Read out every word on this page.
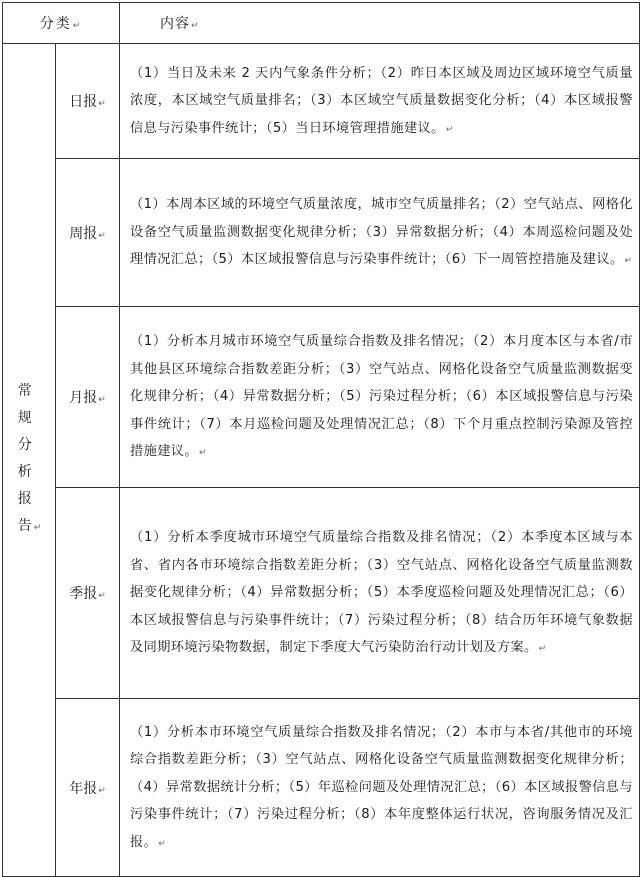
分类↵		内容↵
常规分析报告 ↵	日报↵	（1）当日及未来 2 天内气象条件分析；（2）昨日本区域及周边区域环境空气质量浓度，本区域空气质量排名；（3）本区域空气质量数据变化分析；（4）本区域报警信息与污染事件统计；（5）当日环境管理措施建议。↵
	周报↵	（1）本周本区域的环境空气质量浓度，城市空气质量排名；（2）空气站点、网格化设备空气质量监测数据变化规律分析；（3）异常数据分析；（4）本周巡检问题及处理情况汇总；（5）本区域报警信息与污染事件统计；（6）下一周管控措施及建议。↵
	月报↵	（1）分析本月城市环境空气质量综合指数及排名情况；（2）本月度本区与本省/市其他县区环境综合指数差距分析；（3）空气站点、网格化设备空气质量监测数据变化规律分析；（4）异常数据分析；（5）污染过程分析；（6）本区域报警信息与污染事件统计；（7）本月巡检问题及处理情况汇总；（8）下个月重点控制污染源及管控措施建议。↵
	季报↵	（1）分析本季度城市环境空气质量综合指数及排名情况；（2）本季度本区域与本省、省内各市环境综合指数差距分析；（3）空气站点、网格化设备空气质量监测数据变化规律分析；（4）异常数据分析；（5）本季度巡检问题及处理情况汇总；（6）本区域报警信息与污染事件统计；（7）污染过程分析；（8）结合历年环境气象数据及同期环境污染物数据，制定下季度大气污染防治行动计划及方案。↵
	年报↵	（1）分析本市环境空气质量综合指数及排名情况；（2）本市与本省/其他市的环境综合指数差距分析；（3）空气站点、网格化设备空气质量监测数据变化规律分析；（4）异常数据统计分析；（5）年巡检问题及处理情况汇总；（6）本区域报警信息与污染事件统计；（7）污染过程分析；（8）本年度整体运行状况，咨询服务情况及汇报。↵
